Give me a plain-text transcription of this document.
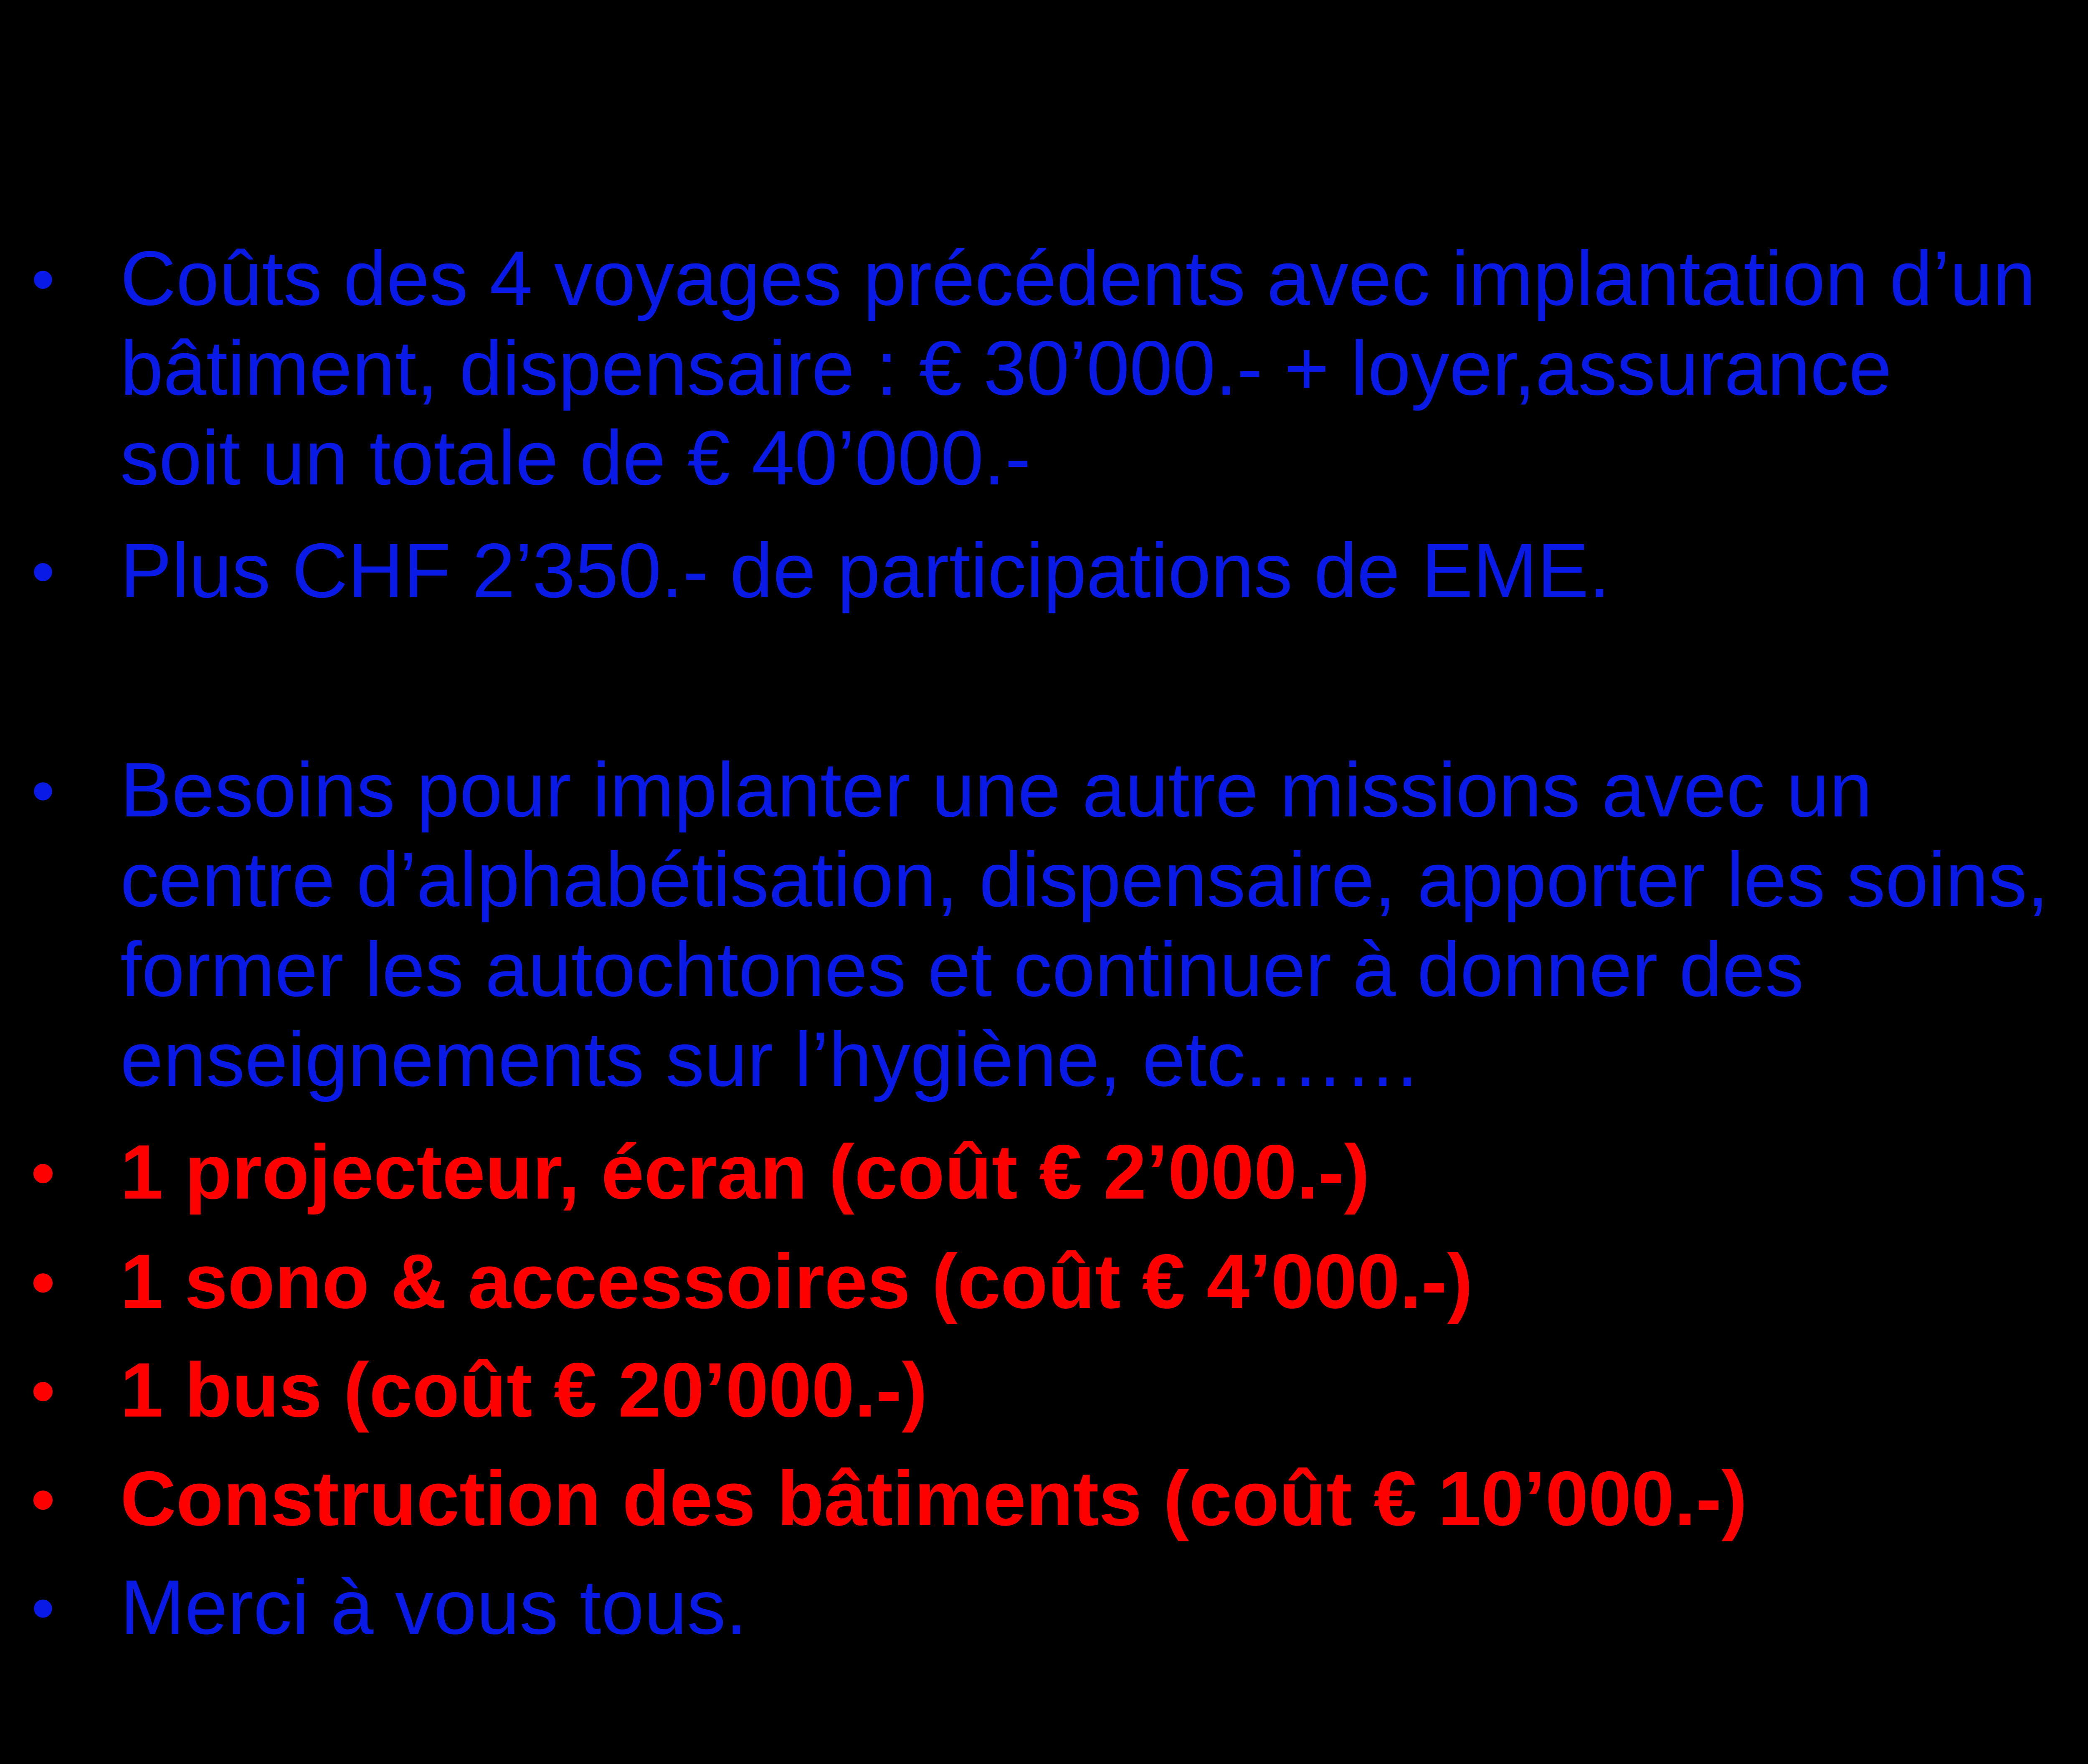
• Coûts des 4 voyages précédents avec implantation d’un
bâtiment, dispensaire : € 30’000.- + loyer,assurance
soit un totale de € 40’000.-
• Plus CHF 2’350.- de participations de EME.
• Besoins pour implanter une autre missions avec un
centre d’alphabétisation, dispensaire, apporter les soins,
former les autochtones et continuer à donner des
enseignements sur l’hygiène, etc.……
• 1 projecteur, écran (coût € 2’000.-)
• 1 sono & accessoires (coût € 4’000.-)
• 1 bus (coût € 20’000.-)
• Construction des bâtiments (coût € 10’000.-)
• Merci à vous tous.
